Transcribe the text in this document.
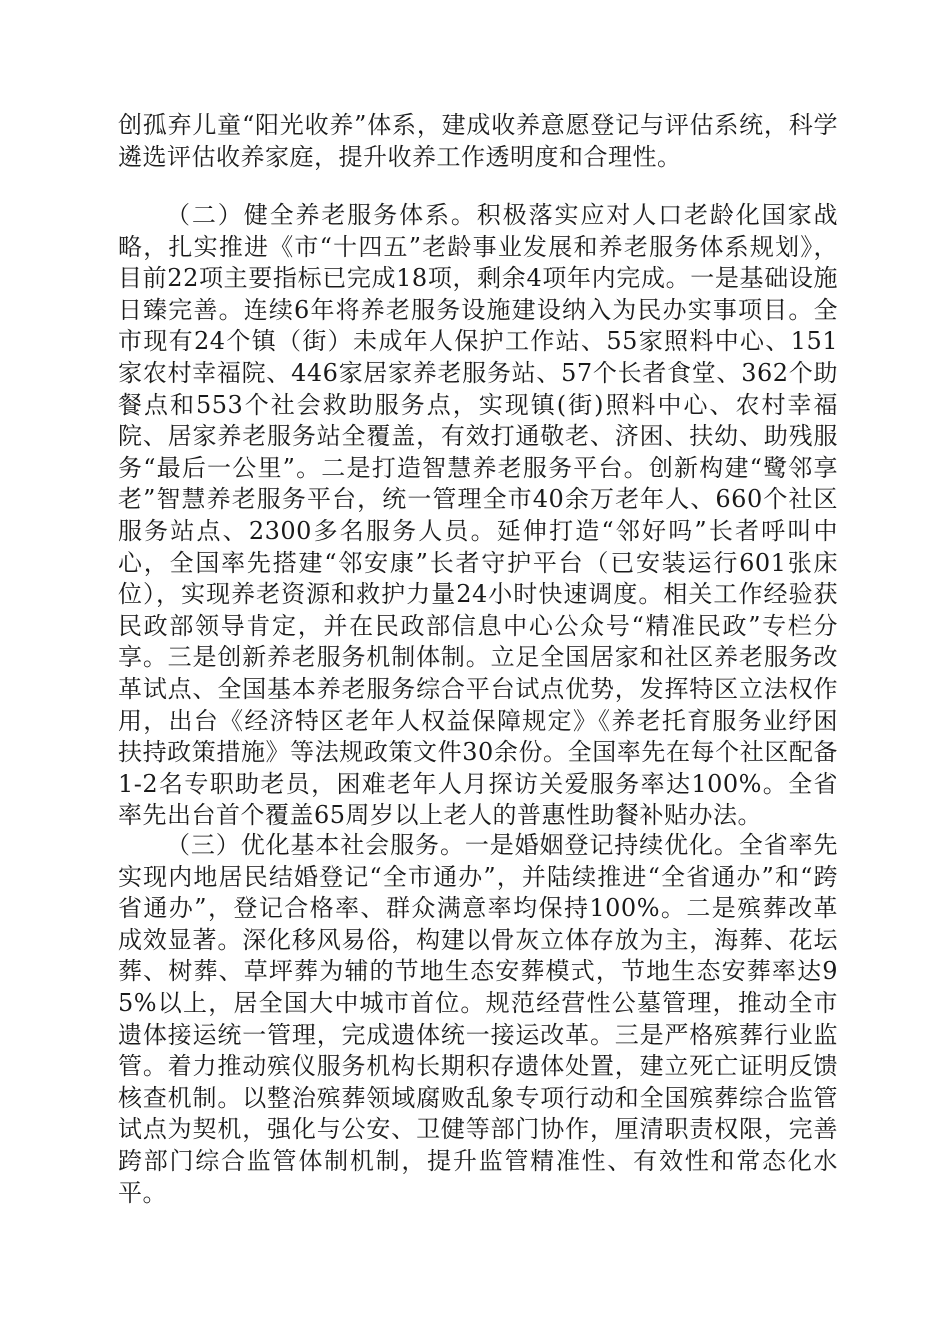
创孤弃儿童“阳光收养”体系，建成收养意愿登记与评估系统，科学遴选评估收养家庭，提升收养工作透明度和合理性。

（二）健全养老服务体系。积极落实应对人口老龄化国家战略，扎实推进《市“十四五”老龄事业发展和养老服务体系规划》，目前22项主要指标已完成18项，剩余4项年内完成。一是基础设施日臻完善。连续6年将养老服务设施建设纳入为民办实事项目。全市现有24个镇（街）未成年人保护工作站、55家照料中心、151家农村幸福院、446家居家养老服务站、57个长者食堂、362个助餐点和553个社会救助服务点，实现镇(街)照料中心、农村幸福院、居家养老服务站全覆盖，有效打通敬老、济困、扶幼、助残服务“最后一公里”。二是打造智慧养老服务平台。创新构建“鹭邻享老”智慧养老服务平台，统一管理全市40余万老年人、660个社区服务站点、2300多名服务人员。延伸打造“邻好吗”长者呼叫中心，全国率先搭建“邻安康”长者守护平台（已安装运行601张床位），实现养老资源和救护力量24小时快速调度。相关工作经验获民政部领导肯定，并在民政部信息中心公众号“精准民政”专栏分享。三是创新养老服务机制体制。立足全国居家和社区养老服务改革试点、全国基本养老服务综合平台试点优势，发挥特区立法权作用，出台《经济特区老年人权益保障规定》《养老托育服务业纾困扶持政策措施》等法规政策文件30余份。全国率先在每个社区配备1-2名专职助老员，困难老年人月探访关爱服务率达100%。全省率先出台首个覆盖65周岁以上老人的普惠性助餐补贴办法。

（三）优化基本社会服务。一是婚姻登记持续优化。全省率先实现内地居民结婚登记“全市通办”，并陆续推进“全省通办”和“跨省通办”，登记合格率、群众满意率均保持100%。二是殡葬改革成效显著。深化移风易俗，构建以骨灰立体存放为主，海葬、花坛葬、树葬、草坪葬为辅的节地生态安葬模式，节地生态安葬率达95%以上，居全国大中城市首位。规范经营性公墓管理，推动全市遗体接运统一管理，完成遗体统一接运改革。三是严格殡葬行业监管。着力推动殡仪服务机构长期积存遗体处置，建立死亡证明反馈核查机制。以整治殡葬领域腐败乱象专项行动和全国殡葬综合监管试点为契机，强化与公安、卫健等部门协作，厘清职责权限，完善跨部门综合监管体制机制，提升监管精准性、有效性和常态化水平。
